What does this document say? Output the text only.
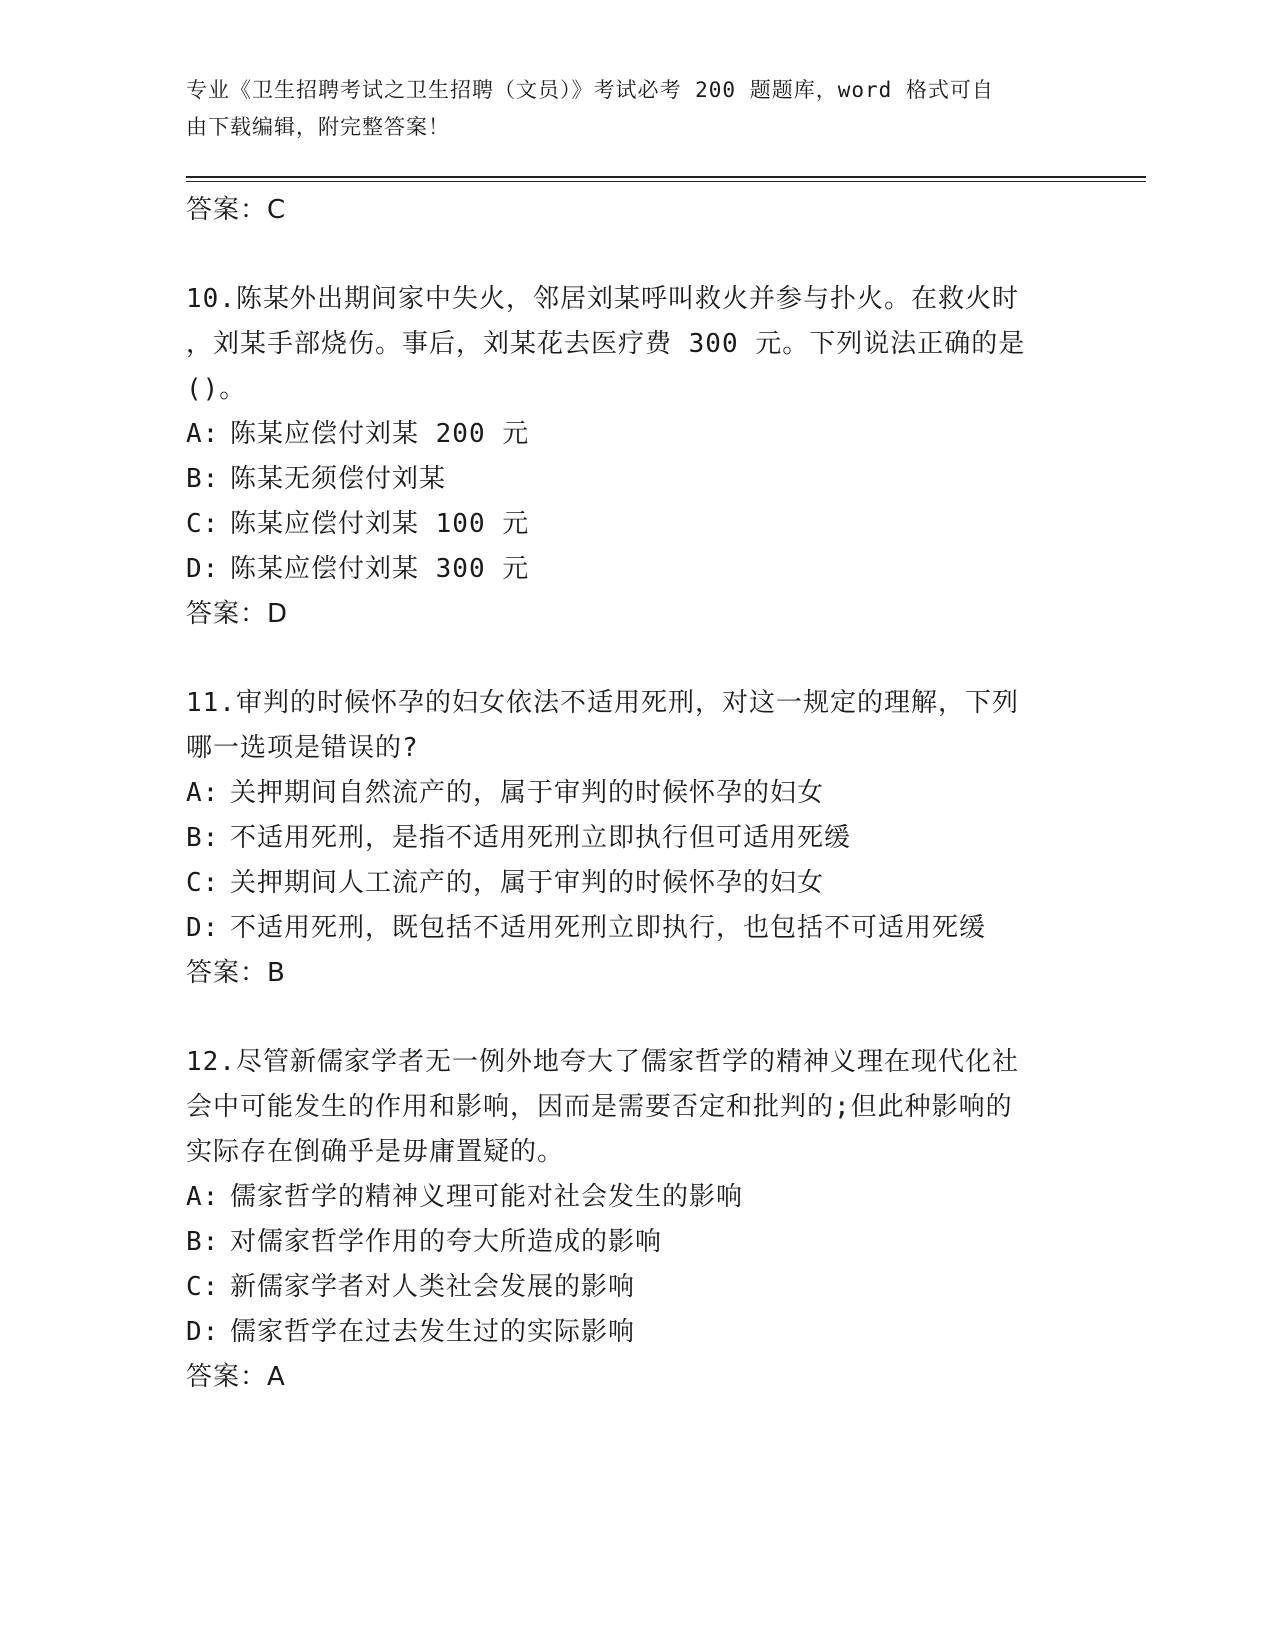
专业《卫生招聘考试之卫生招聘（文员）》考试必考 200 题题库，word 格式可自
由下载编辑，附完整答案！

答案：C

10.陈某外出期间家中失火，邻居刘某呼叫救火并参与扑火。在救火时

，刘某手部烧伤。事后，刘某花去医疗费 300 元。下列说法正确的是

()。

A: 陈某应偿付刘某 200 元

B: 陈某无须偿付刘某

C: 陈某应偿付刘某 100 元

D: 陈某应偿付刘某 300 元

答案：D

11.审判的时候怀孕的妇女依法不适用死刑，对这一规定的理解，下列

哪一选项是错误的?

A: 关押期间自然流产的，属于审判的时候怀孕的妇女

B: 不适用死刑，是指不适用死刑立即执行但可适用死缓

C: 关押期间人工流产的，属于审判的时候怀孕的妇女

D: 不适用死刑，既包括不适用死刑立即执行，也包括不可适用死缓

答案：B

12.尽管新儒家学者无一例外地夸大了儒家哲学的精神义理在现代化社

会中可能发生的作用和影响，因而是需要否定和批判的;但此种影响的

实际存在倒确乎是毋庸置疑的。

A: 儒家哲学的精神义理可能对社会发生的影响

B: 对儒家哲学作用的夸大所造成的影响

C: 新儒家学者对人类社会发展的影响

D: 儒家哲学在过去发生过的实际影响

答案：A
